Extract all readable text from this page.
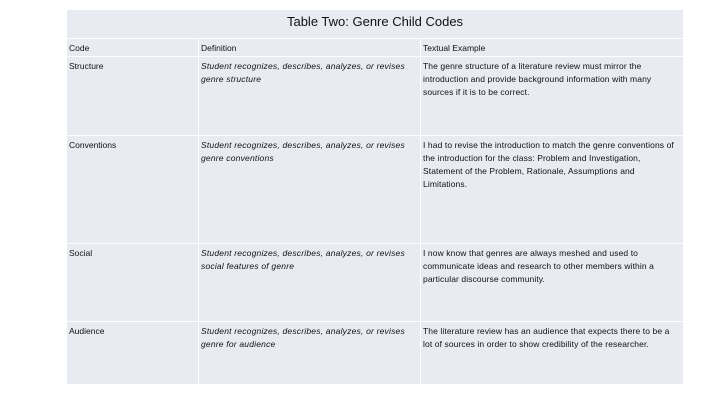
Table Two: Genre Child Codes		
Code	Definition	Textual Example
Structure	Student recognizes, describes, analyzes, or revises genre structure	The genre structure of a literature review must mirror the introduction and provide background information with many sources if it is to be correct.
Conventions	Student recognizes, describes, analyzes, or revises genre conventions	I had to revise the introduction to match the genre conventions of the introduction for the class: Problem and Investigation, Statement of the Problem, Rationale, Assumptions and Limitations.
Social	Student recognizes, describes, analyzes, or revises social features of genre	I now know that genres are always meshed and used to communicate ideas and research to other members within a particular discourse community.
Audience	Student recognizes, describes, analyzes, or revises genre for audience	The literature review has an audience that expects there to be a lot of sources in order to show credibility of the researcher.
